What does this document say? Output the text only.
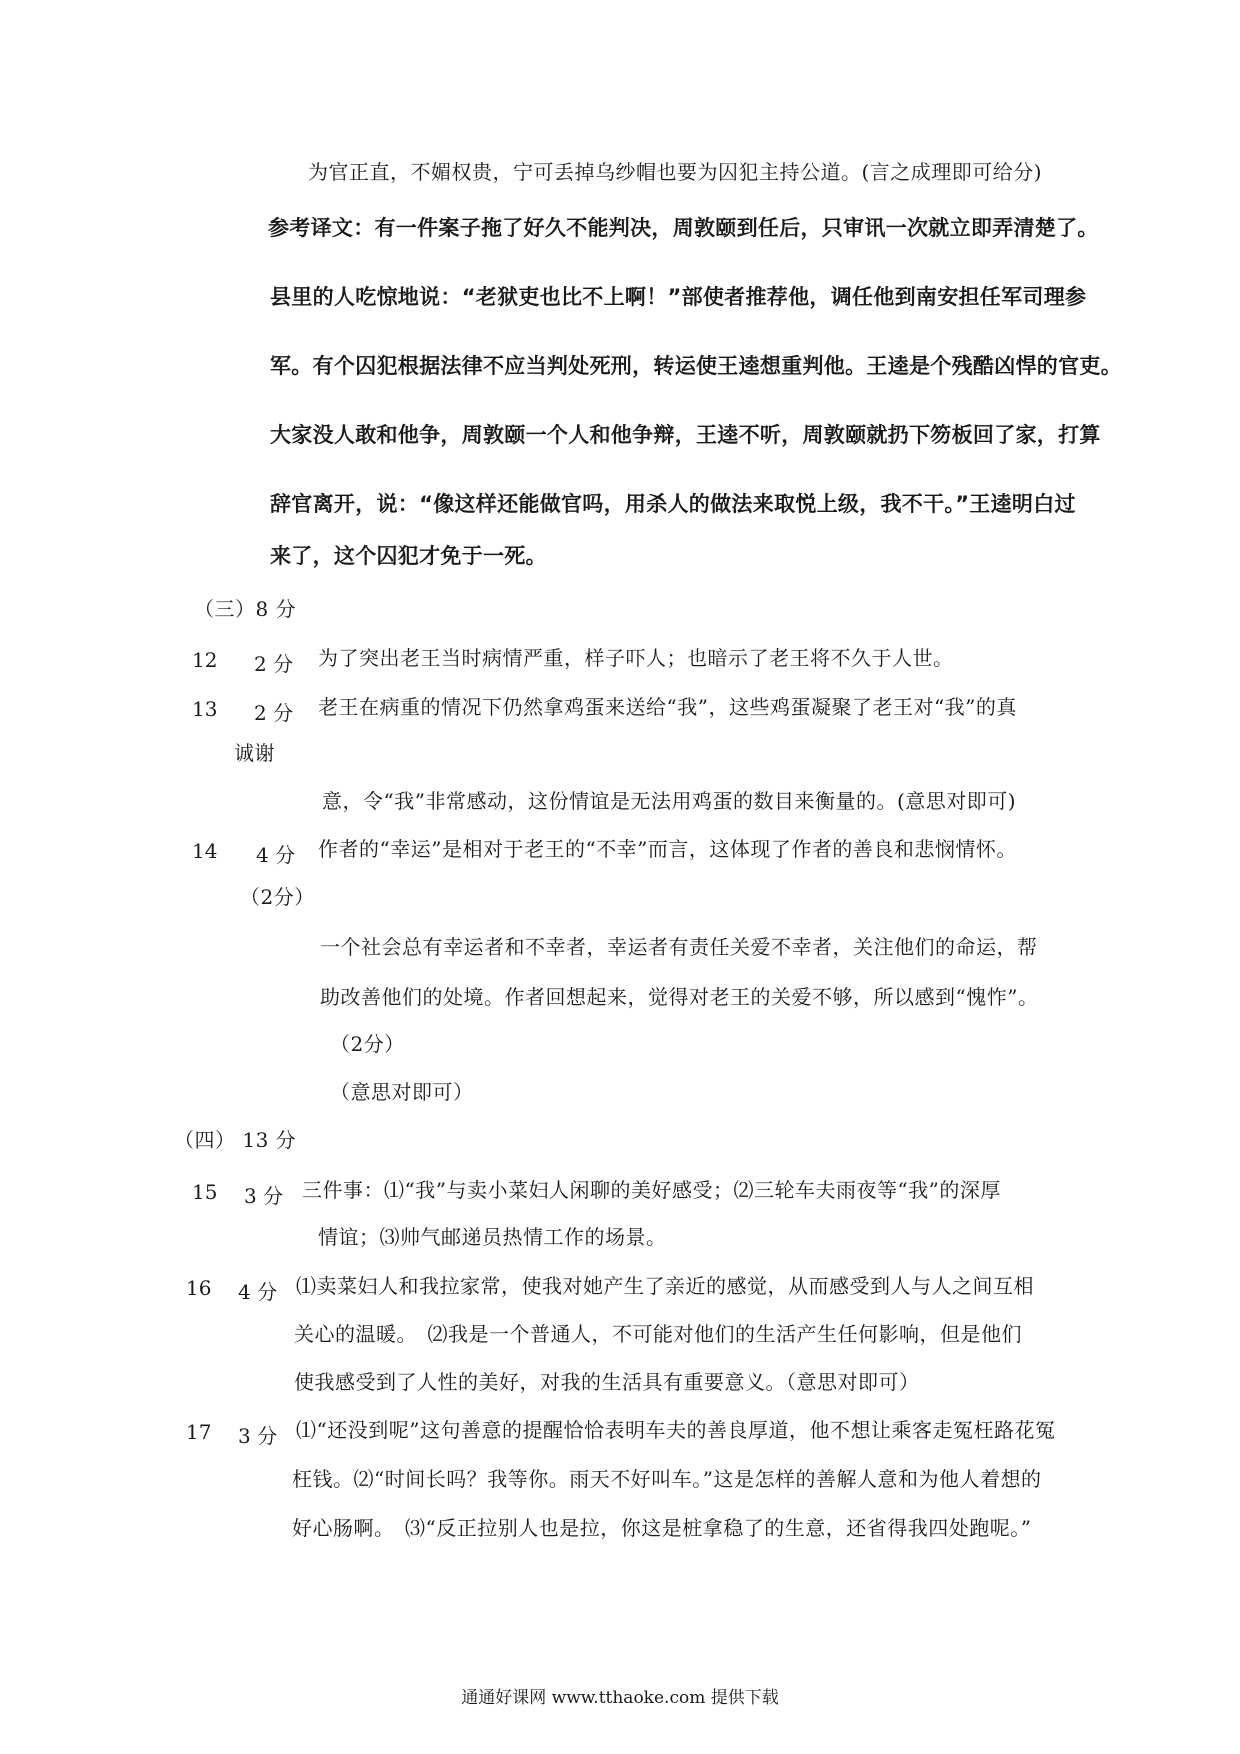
为官正直，不媚权贵，宁可丢掉乌纱帽也要为囚犯主持公道。(言之成理即可给分)
参考译文：有一件案子拖了好久不能判决，周敦颐到任后，只审讯一次就立即弄清楚了。
县里的人吃惊地说：“老狱吏也比不上啊！”部使者推荐他，调任他到南安担任军司理参
军。有个囚犯根据法律不应当判处死刑，转运使王逵想重判他。王逵是个残酷凶悍的官吏。
大家没人敢和他争，周敦颐一个人和他争辩，王逵不听，周敦颐就扔下笏板回了家，打算
辞官离开，说：“像这样还能做官吗，用杀人的做法来取悦上级，我不干。”王逵明白过
来了，这个囚犯才免于一死。
（三）8 分
12 2 分 为了突出老王当时病情严重，样子吓人；也暗示了老王将不久于人世。
13 2 分 老王在病重的情况下仍然拿鸡蛋来送给“我”，这些鸡蛋凝聚了老王对“我”的真
诚谢
意，令“我”非常感动，这份情谊是无法用鸡蛋的数目来衡量的。(意思对即可)
14 4 分 作者的“幸运”是相对于老王的“不幸”而言，这体现了作者的善良和悲悯情怀。
（2分）
一个社会总有幸运者和不幸者，幸运者有责任关爱不幸者，关注他们的命运，帮
助改善他们的处境。作者回想起来，觉得对老王的关爱不够，所以感到“愧怍”。
（2分）
（意思对即可）
（四） 13 分
15 3 分 三件事：⑴“我”与卖小菜妇人闲聊的美好感受；⑵三轮车夫雨夜等“我”的深厚
情谊；⑶帅气邮递员热情工作的场景。
16 4 分 ⑴卖菜妇人和我拉家常，使我对她产生了亲近的感觉，从而感受到人与人之间互相
关心的温暖。　⑵我是一个普通人，不可能对他们的生活产生任何影响，但是他们
使我感受到了人性的美好，对我的生活具有重要意义。（意思对即可）
17 3 分 ⑴“还没到呢”这句善意的提醒恰恰表明车夫的善良厚道，他不想让乘客走冤枉路花冤
枉钱。⑵“时间长吗？我等你。雨天不好叫车。”这是怎样的善解人意和为他人着想的
好心肠啊。　⑶“反正拉别人也是拉，你这是桩拿稳了的生意，还省得我四处跑呢。”
通通好课网 www.tthaoke.com 提供下载
